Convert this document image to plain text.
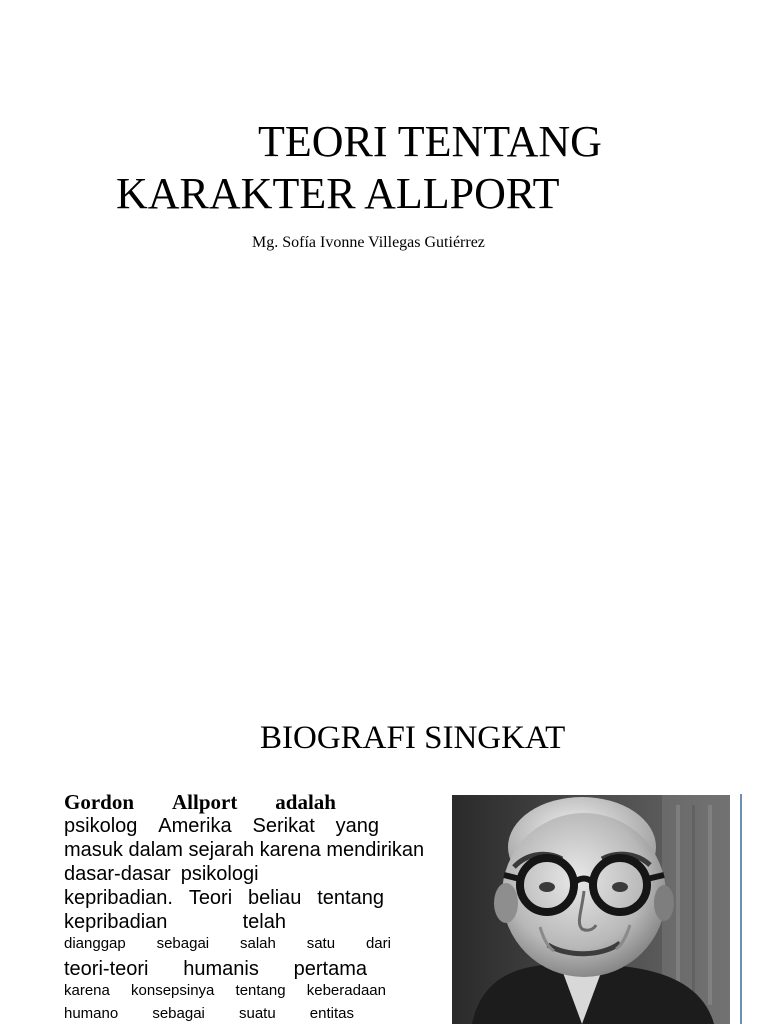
TEORI TENTANG
KARAKTER ALLPORT

Mg. Sofía Ivonne Villegas Gutiérrez

BIOGRAFI SINGKAT
Gordon Allport adalah
psikolog Amerika Serikat yang
masuk dalam sejarah karena mendirikan
dasar-dasar psikologi
kepribadian. Teori beliau tentang
kepribadian	telah
dianggap sebagai salah satu dari
teori-teori humanis pertama
karena konsepsinya tentang keberadaan
humano sebagai suatu entitas
